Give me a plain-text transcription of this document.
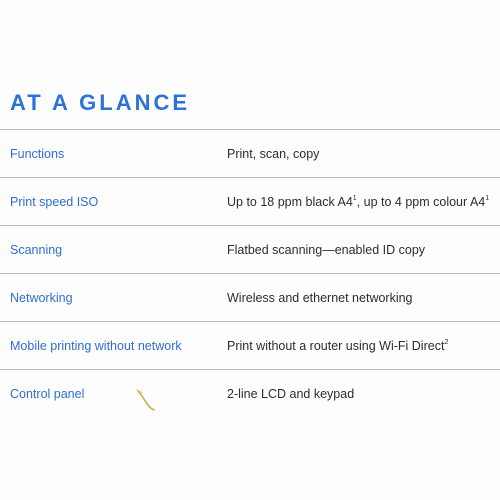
AT A GLANCE
Functions	Print, scan, copy
Print speed ISO	Up to 18 ppm black $A4^1$, up to 4 ppm colour $A4^1$
Scanning	Flatbed scanning—enabled ID copy
Networking	Wireless and ethernet networking
Mobile printing without network	Print without a router using Wi-Fi Direct$^2$
Control panel	2-line LCD and keypad
